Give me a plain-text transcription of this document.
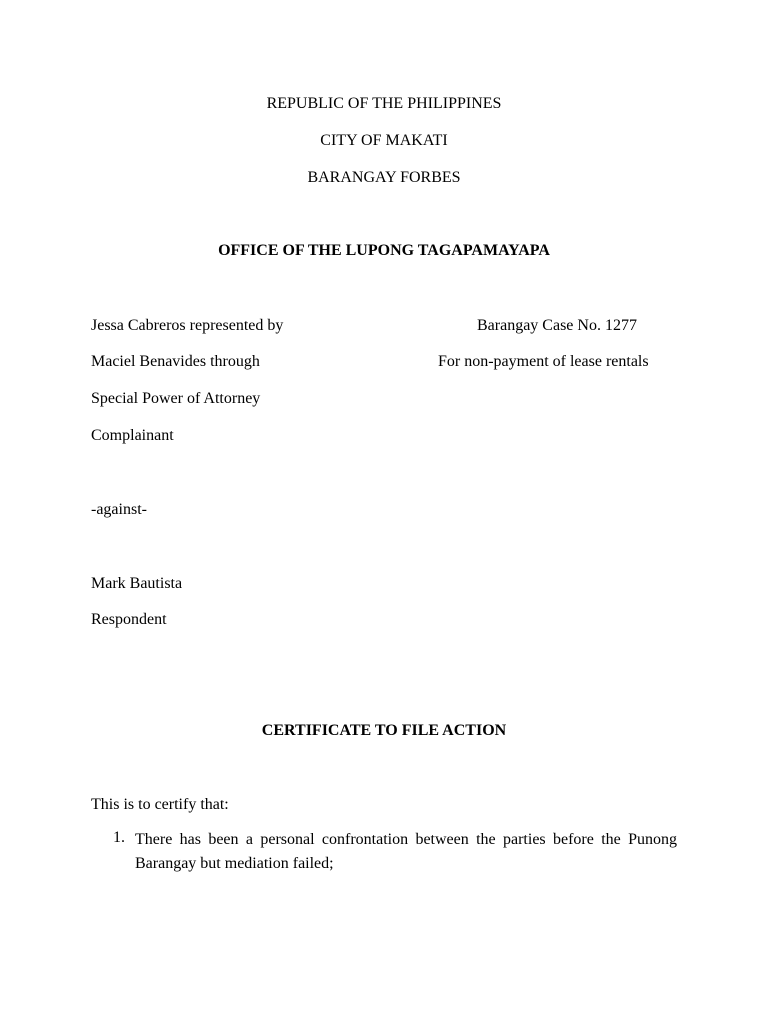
REPUBLIC OF THE PHILIPPINES
CITY OF MAKATI
BARANGAY FORBES
OFFICE OF THE LUPONG TAGAPAMAYAPA
Jessa Cabreros represented by
Maciel Benavides through
Special Power of Attorney
Complainant
Barangay Case No. 1277
For non-payment of lease rentals
-against-
Mark Bautista
Respondent
CERTIFICATE TO FILE ACTION
This is to certify that:
1. There has been a personal confrontation between the parties before the Punong Barangay but mediation failed;
